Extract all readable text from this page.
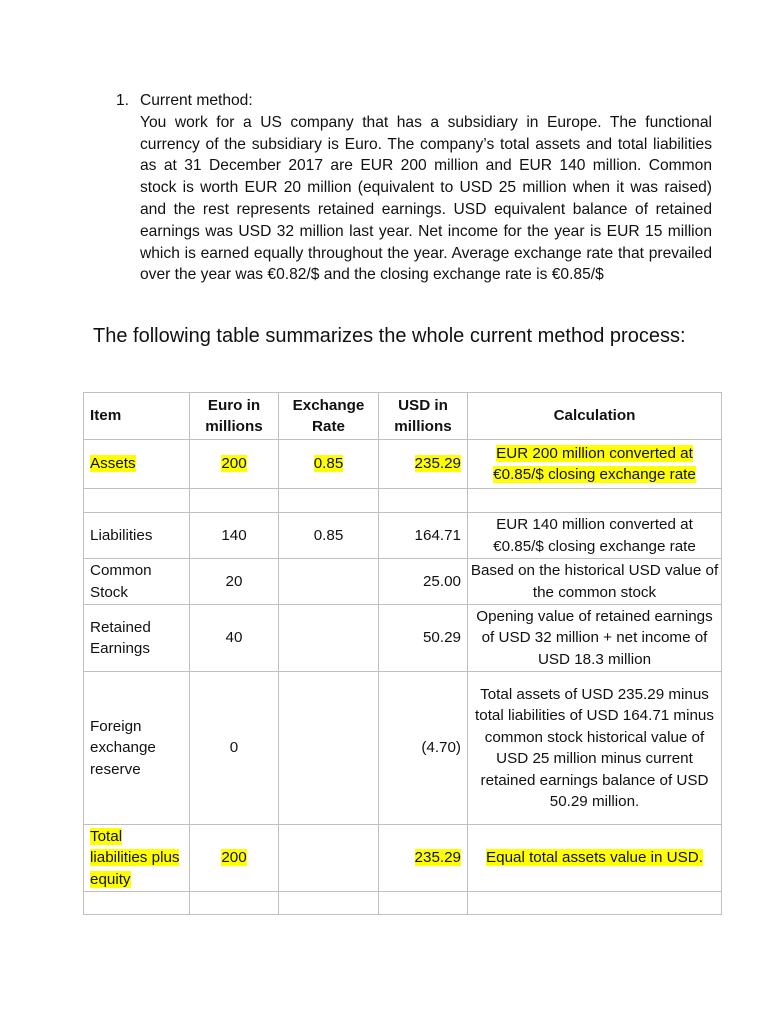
1. Current method:

You work for a US company that has a subsidiary in Europe. The functional currency of the subsidiary is Euro. The company’s total assets and total liabilities as at 31 December 2017 are EUR 200 million and EUR 140 million. Common stock is worth EUR 20 million (equivalent to USD 25 million when it was raised) and the rest represents retained earnings. USD equivalent balance of retained earnings was USD 32 million last year. Net income for the year is EUR 15 million which is earned equally throughout the year. Average exchange rate that prevailed over the year was €0.82/$ and the closing exchange rate is €0.85/$

The following table summarizes the whole current method process:

Item	Euro in millions	Exchange Rate	USD in millions	Calculation
Assets	200	0.85	235.29	EUR 200 million converted at €0.85/$ closing exchange rate

Liabilities	140	0.85	164.71	EUR 140 million converted at €0.85/$ closing exchange rate
Common Stock	20		25.00	Based on the historical USD value of the common stock
Retained Earnings	40		50.29	Opening value of retained earnings of USD 32 million + net income of USD 18.3 million
Foreign exchange reserve	0		(4.70)	Total assets of USD 235.29 minus total liabilities of USD 164.71 minus common stock historical value of USD 25 million minus current retained earnings balance of USD 50.29 million.
Total liabilities plus equity	200		235.29	Equal total assets value in USD.
